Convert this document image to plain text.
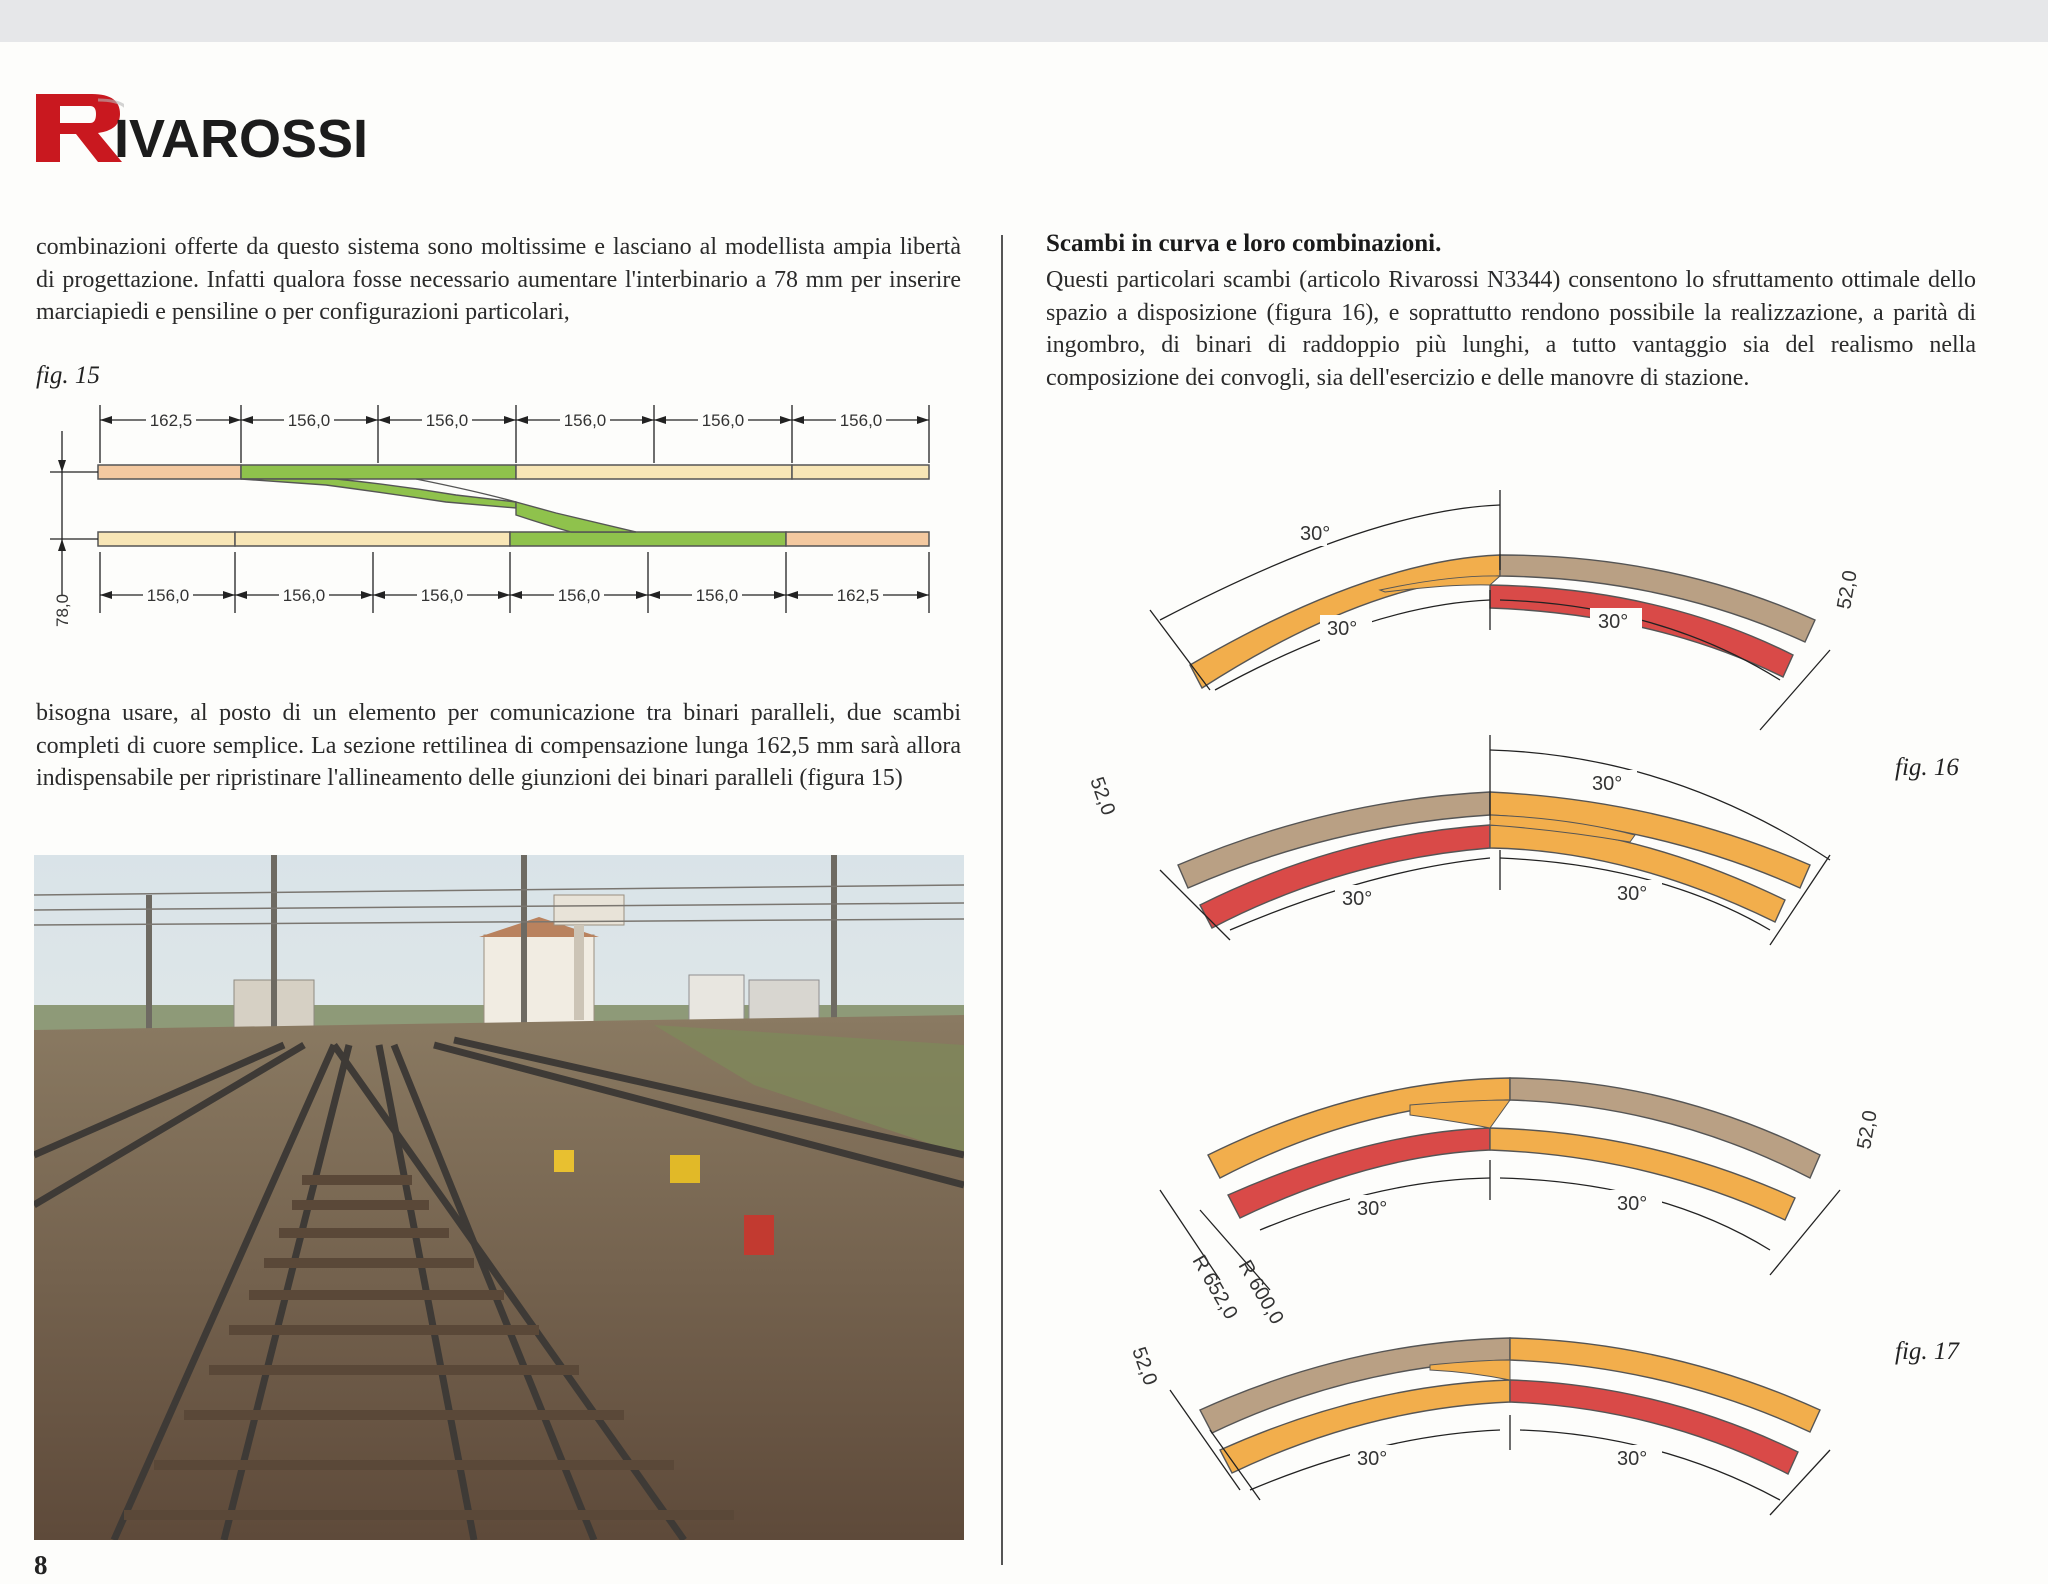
IVAROSSI
combinazioni offerte da questo sistema sono moltissime e lasciano al modellista ampia libertà di progettazione. Infatti qualora fosse necessario aumentare l'interbinario a 78 mm per inserire marciapiedi e pensiline o per configurazioni particolari,
fig. 15
162,5	156,0	156,0	156,0	156,0	156,0
78,0	156,0	156,0	156,0	156,0	156,0	162,5
bisogna usare, al posto di un elemento per comunicazione tra binari paralleli, due scambi completi di cuore semplice. La sezione rettilinea di compensazione lunga 162,5 mm sarà allora indispensabile per ripristinare l'allineamento delle giunzioni dei binari paralleli (figura 15)
Scambi in curva e loro combinazioni.
Questi particolari scambi (articolo Rivarossi N3344) consentono lo sfruttamento ottimale dello spazio a disposizione (figura 16), e soprattutto rendono possibile la realizzazione, a parità di ingombro, di binari di raddoppio più lunghi, a tutto vantaggio sia del realismo nella composizione dei convogli, sia dell'esercizio e delle manovre di stazione.
30°
30°	30°
52,0
30°
30°	30°
52,0
fig. 16
30°	30°
52,0
R 652,0
R 600,0
30°	30°
52,0	fig. 17
8
